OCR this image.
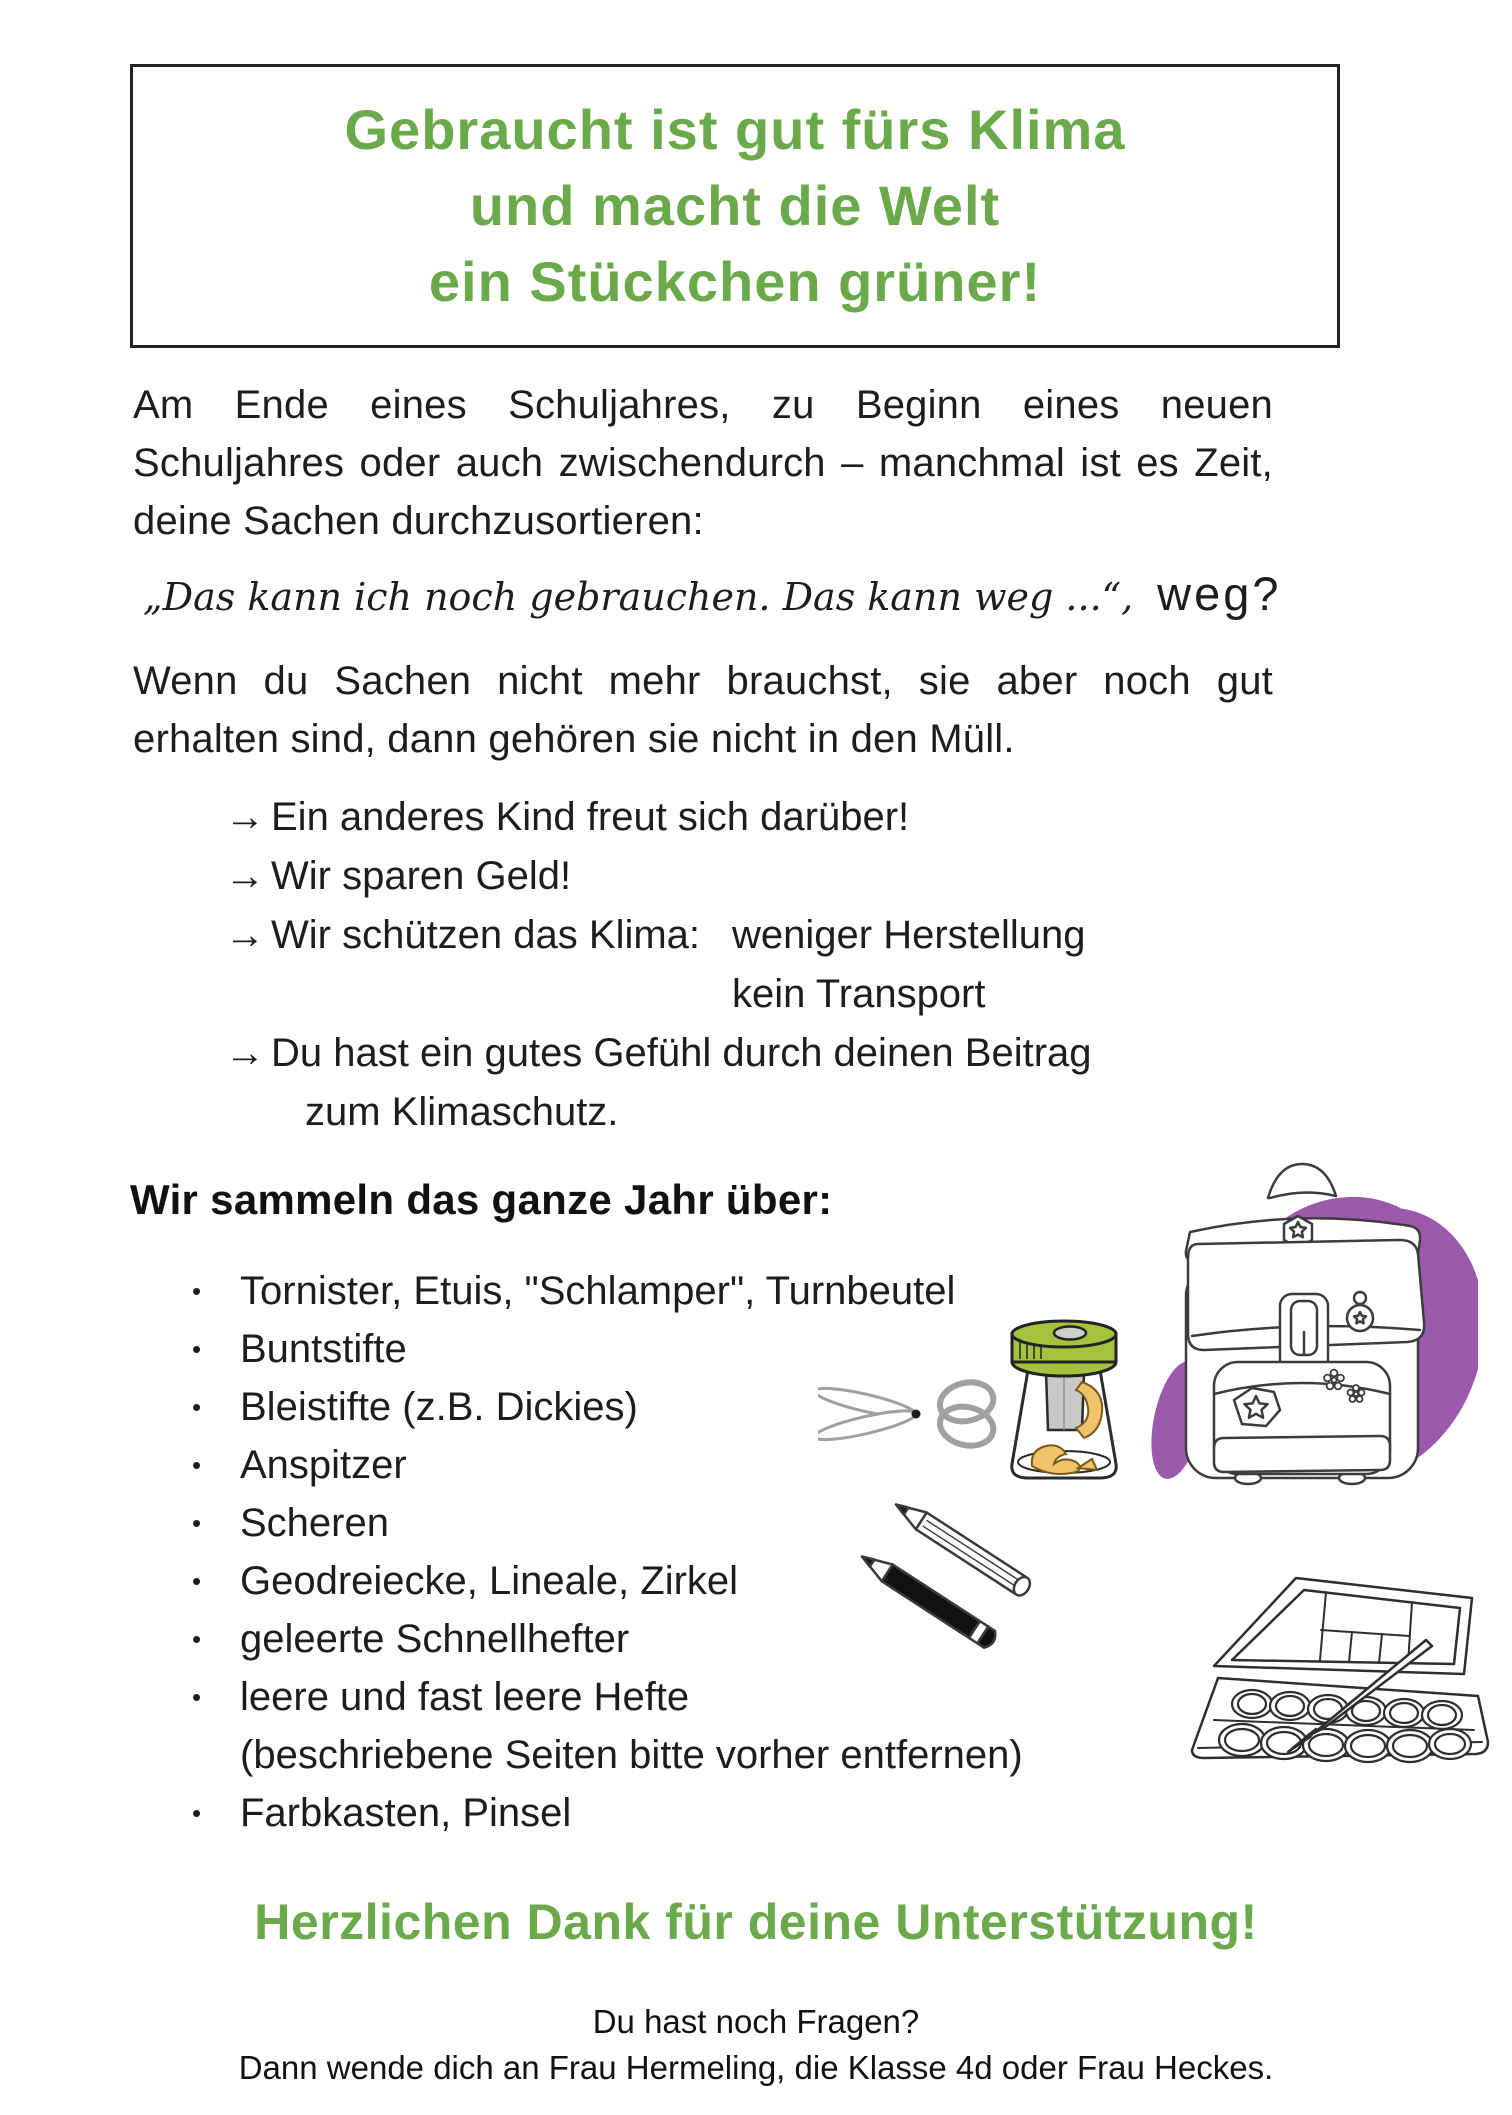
Gebraucht ist gut fürs Klima
und macht die Welt
ein Stückchen grüner!
Am Ende eines Schuljahres, zu Beginn eines neuen Schuljahres oder auch zwischendurch – manchmal ist es Zeit, deine Sachen durchzusortieren:
„Das kann ich noch gebrauchen. Das kann weg ...“, weg?
Wenn du Sachen nicht mehr brauchst, sie aber noch gut erhalten sind, dann gehören sie nicht in den Müll.
→ Ein anderes Kind freut sich darüber!
→ Wir sparen Geld!
→ Wir schützen das Klima: weniger Herstellung
kein Transport
→ Du hast ein gutes Gefühl durch deinen Beitrag
zum Klimaschutz.
Wir sammeln das ganze Jahr über:
• Tornister, Etuis, "Schlamper", Turnbeutel
• Buntstifte
• Bleistifte (z.B. Dickies)
• Anspitzer
• Scheren
• Geodreiecke, Lineale, Zirkel
• geleerte Schnellhefter
• leere und fast leere Hefte
(beschriebene Seiten bitte vorher entfernen)
• Farbkasten, Pinsel
Herzlichen Dank für deine Unterstützung!
Du hast noch Fragen?
Dann wende dich an Frau Hermeling, die Klasse 4d oder Frau Heckes.
